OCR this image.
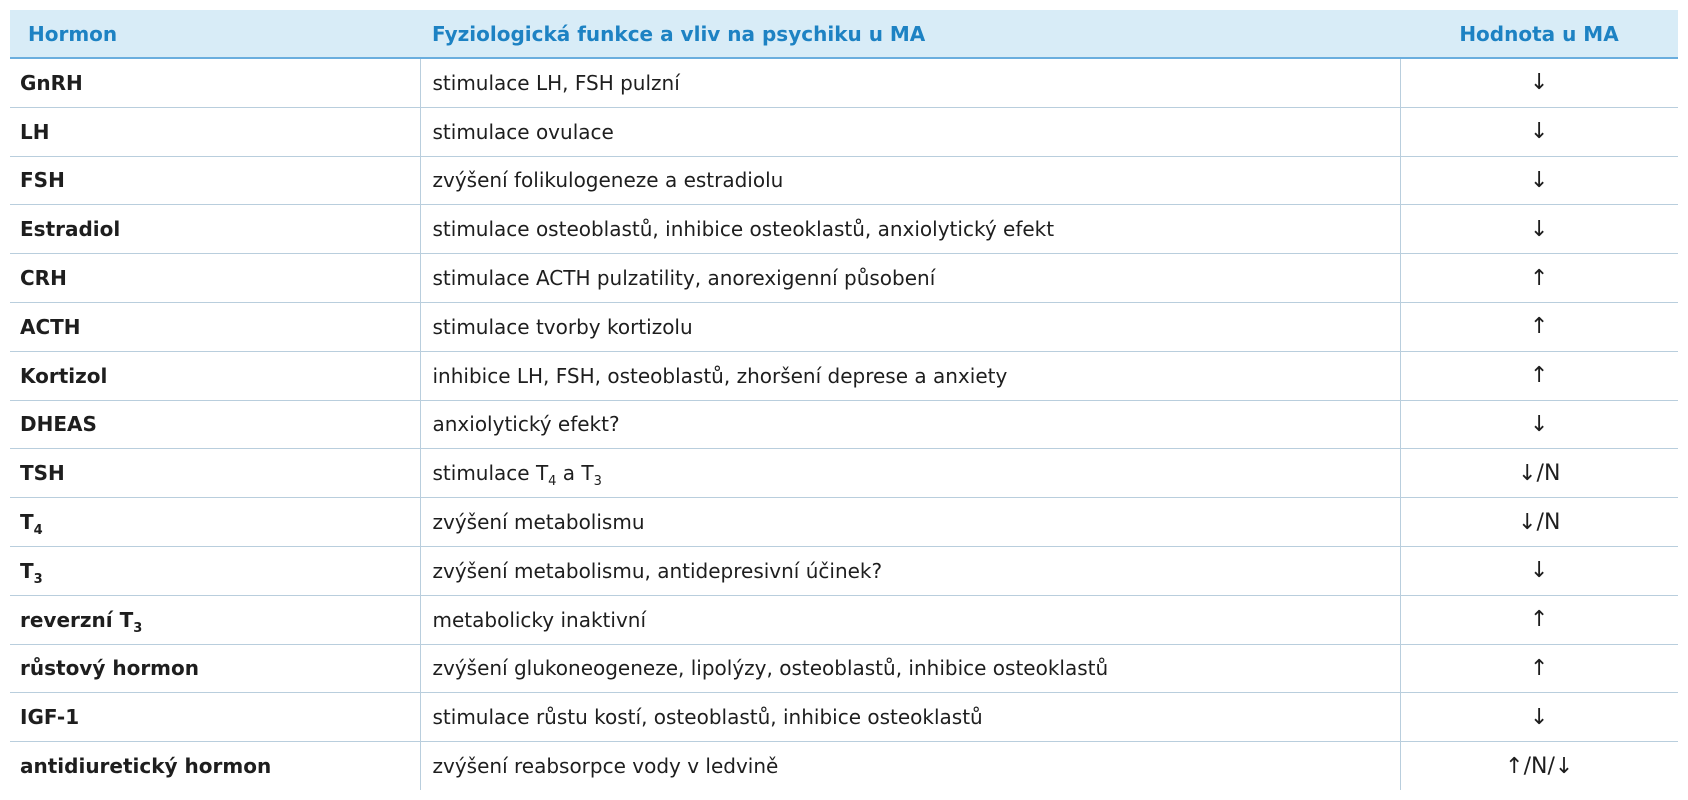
Hormon	Fyziologická funkce a vliv na psychiku u MA	Hodnota u MA
GnRH	stimulace LH, FSH pulzní	↓
LH	stimulace ovulace	↓
FSH	zvýšení folikulogeneze a estradiolu	↓
Estradiol	stimulace osteoblastů, inhibice osteoklastů, anxiolytický efekt	↓
CRH	stimulace ACTH pulzatility, anorexigenní působení	↑
ACTH	stimulace tvorby kortizolu	↑
Kortizol	inhibice LH, FSH, osteoblastů, zhoršení deprese a anxiety	↑
DHEAS	anxiolytický efekt?	↓
TSH	stimulace $T_4$ a $T_3$	↓/N
$T_4$	zvýšení metabolismu	↓/N
$T_3$	zvýšení metabolismu, antidepresivní účinek?	↓
reverzní $T_3$	metabolicky inaktivní	↑
růstový hormon	zvýšení glukoneogeneze, lipolýzy, osteoblastů, inhibice osteoklastů	↑
IGF-1	stimulace růstu kostí, osteoblastů, inhibice osteoklastů	↓
antidiuretický hormon	zvýšení reabsorpce vody v ledvině	↑/N/↓
